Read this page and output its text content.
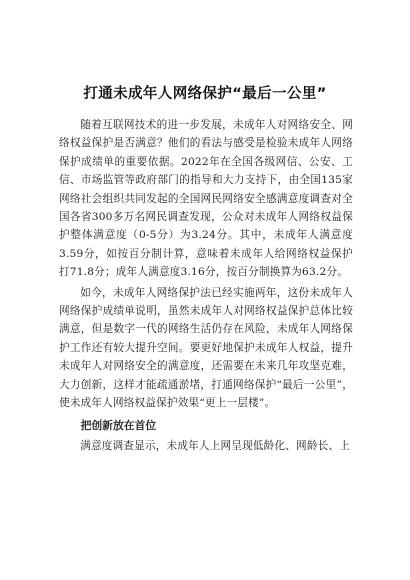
打通未成年人网络保护“最后一公里”

随着互联网技术的进一步发展，未成年人对网络安全、网络权益保护是否满意？他们的看法与感受是检验未成年人网络保护成绩单的重要依据。2022年在全国各级网信、公安、工信、市场监管等政府部门的指导和大力支持下，由全国135家网络社会组织共同发起的全国网民网络安全感满意度调查对全国各省300多万名网民调查发现，公众对未成年人网络权益保护整体满意度（0-5分）为3.24分。其中，未成年人满意度3.59分，如按百分制计算，意味着未成年人给网络权益保护打71.8分；成年人满意度3.16分，按百分制换算为63.2分。

如今，未成年人网络保护法已经实施两年，这份未成年人网络保护成绩单说明，虽然未成年人对网络权益保护总体比较满意，但是数字一代的网络生活仍存在风险，未成年人网络保护工作还有较大提升空间。要更好地保护未成年人权益，提升未成年人对网络安全的满意度，还需要在未来几年攻坚克难，大力创新，这样才能疏通淤堵，打通网络保护“最后一公里”，使未成年人网络权益保护效果“更上一层楼”。

把创新放在首位

满意度调查显示，未成年人上网呈现低龄化、网龄长、上
